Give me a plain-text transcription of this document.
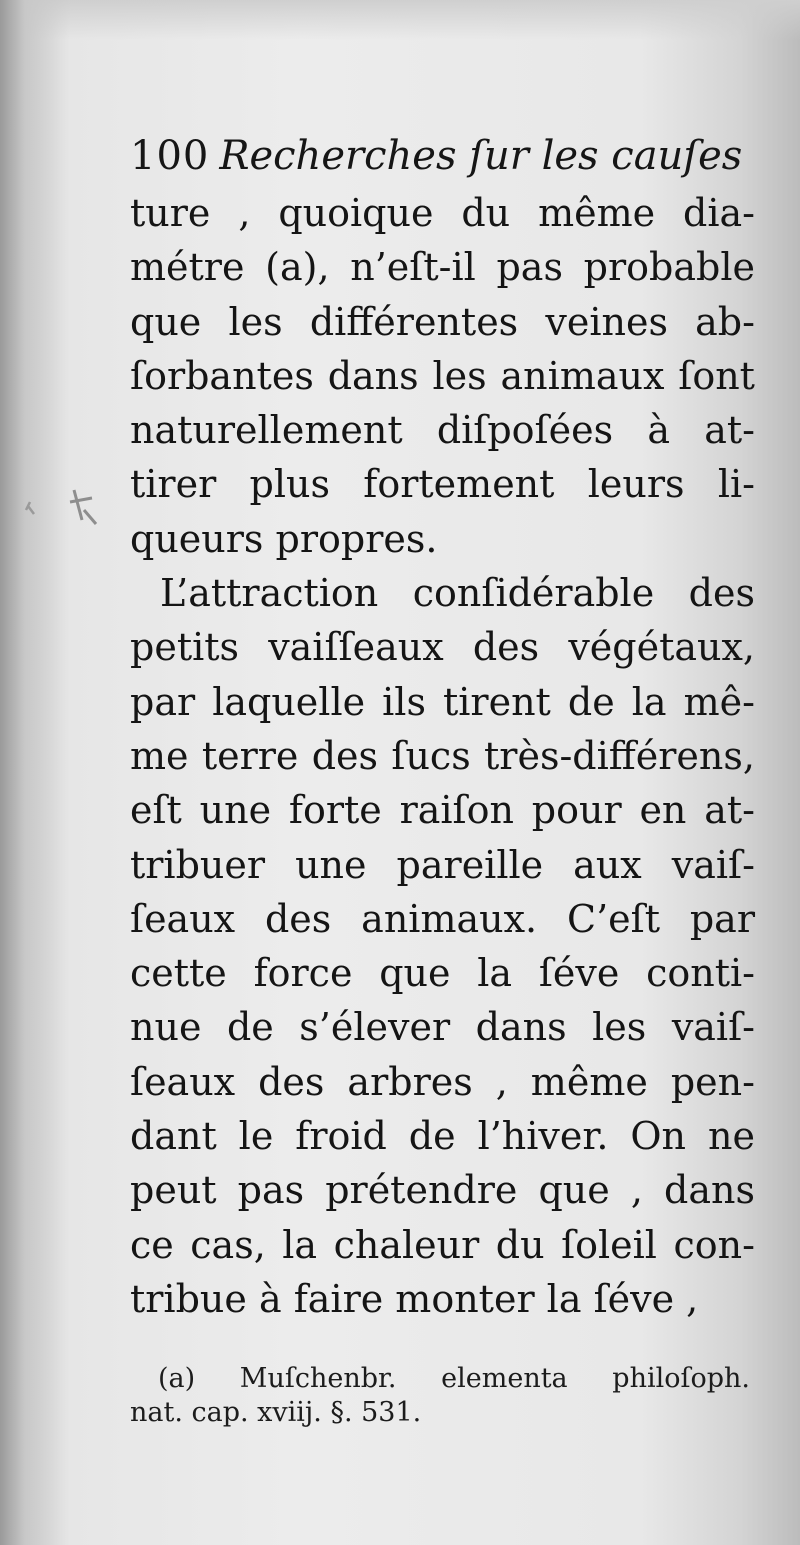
100 Recherches ſur les cauſes
ture , quoique du même dia-
métre (a), n’eſt-il pas probable
que les différentes veines ab-
ſorbantes dans les animaux ſont
naturellement diſpoſées à at-
tirer plus fortement leurs li-
queurs propres.
L’attraction conſidérable des
petits vaiſſeaux des végétaux,
par laquelle ils tirent de la mê-
me terre des ſucs très-différens,
eſt une forte raiſon pour en at-
tribuer une pareille aux vaiſ-
ſeaux des animaux. C’eſt par
cette force que la ſéve conti-
nue de s’élever dans les vaiſ-
ſeaux des arbres , même pen-
dant le froid de l’hiver. On ne
peut pas prétendre que , dans
ce cas, la chaleur du ſoleil con-
tribue à faire monter la ſéve ,
(a) Muſchenbr. elementa philoſoph.
nat. cap. xviij. §. 531.
